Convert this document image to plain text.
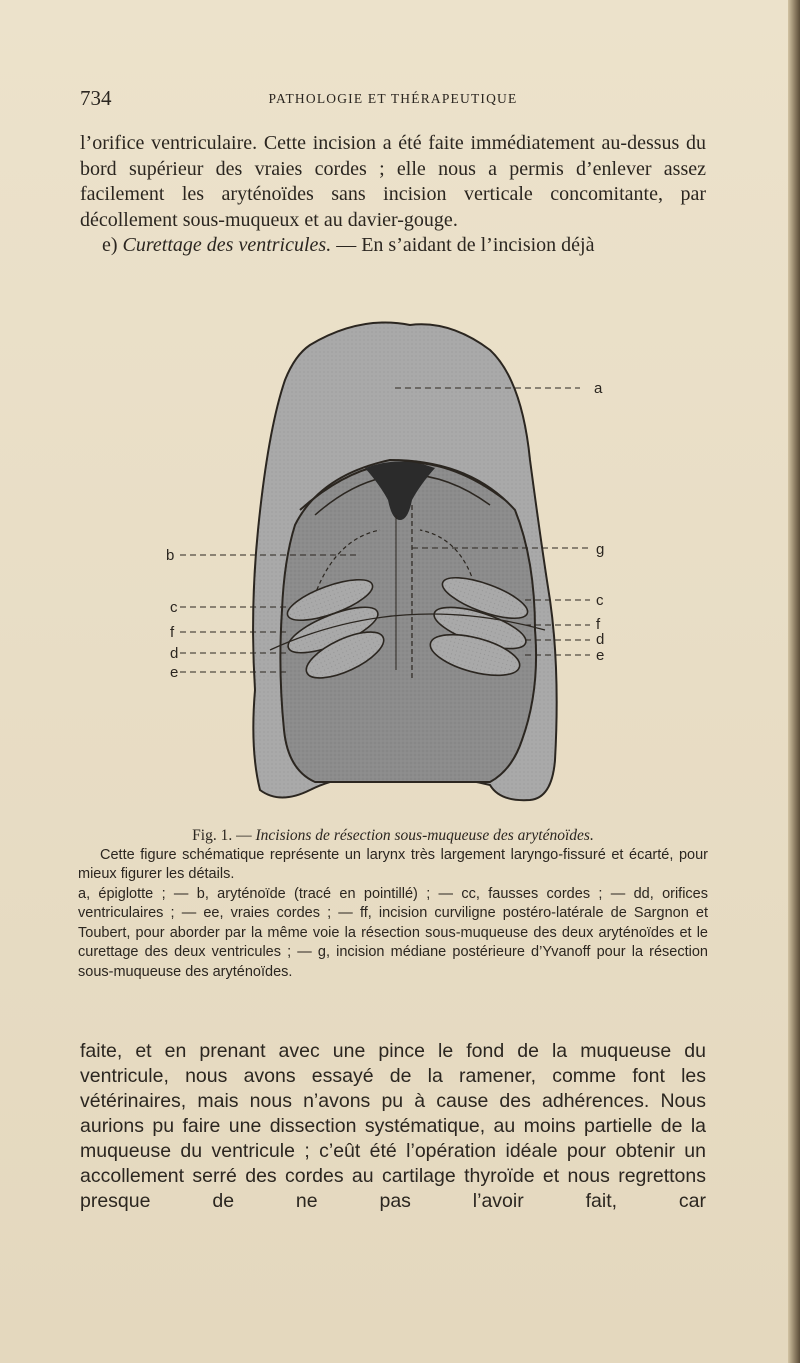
734	PATHOLOGIE ET THÉRAPEUTIQUE

l’orifice ventriculaire. Cette incision a été faite immédiatement au-dessus du bord supérieur des vraies cordes ; elle nous a permis d’enlever assez facilement les aryténoïdes sans incision verticale concomitante, par décollement sous-muqueux et au davier-gouge.

e) Curettage des ventricules. — En s’aidant de l’incision déjà

a
b
c
f
d
e
g
c
f
d
e

Fig. 1. — Incisions de résection sous-muqueuse des aryténoïdes.

Cette figure schématique représente un larynx très largement laryngo-fissuré et écarté, pour mieux figurer les détails.

a, épiglotte ; — b, aryténoïde (tracé en pointillé) ; — cc, fausses cordes ; — dd, orifices ventriculaires ; — ee, vraies cordes ; — ff, incision curviligne postéro-latérale de Sargnon et Toubert, pour aborder par la même voie la résection sous-muqueuse des deux aryténoïdes et le curettage des deux ventricules ; — g, incision médiane postérieure d’Yvanoff pour la résection sous-muqueuse des aryténoïdes.

faite, et en prenant avec une pince le fond de la muqueuse du ventricule, nous avons essayé de la ramener, comme font les vétérinaires, mais nous n’avons pu à cause des adhérences. Nous aurions pu faire une dissection systématique, au moins partielle de la muqueuse du ventricule ; c’eût été l’opération idéale pour obtenir un accollement serré des cordes au cartilage thyroïde et nous regrettons presque de ne pas l’avoir fait, car
